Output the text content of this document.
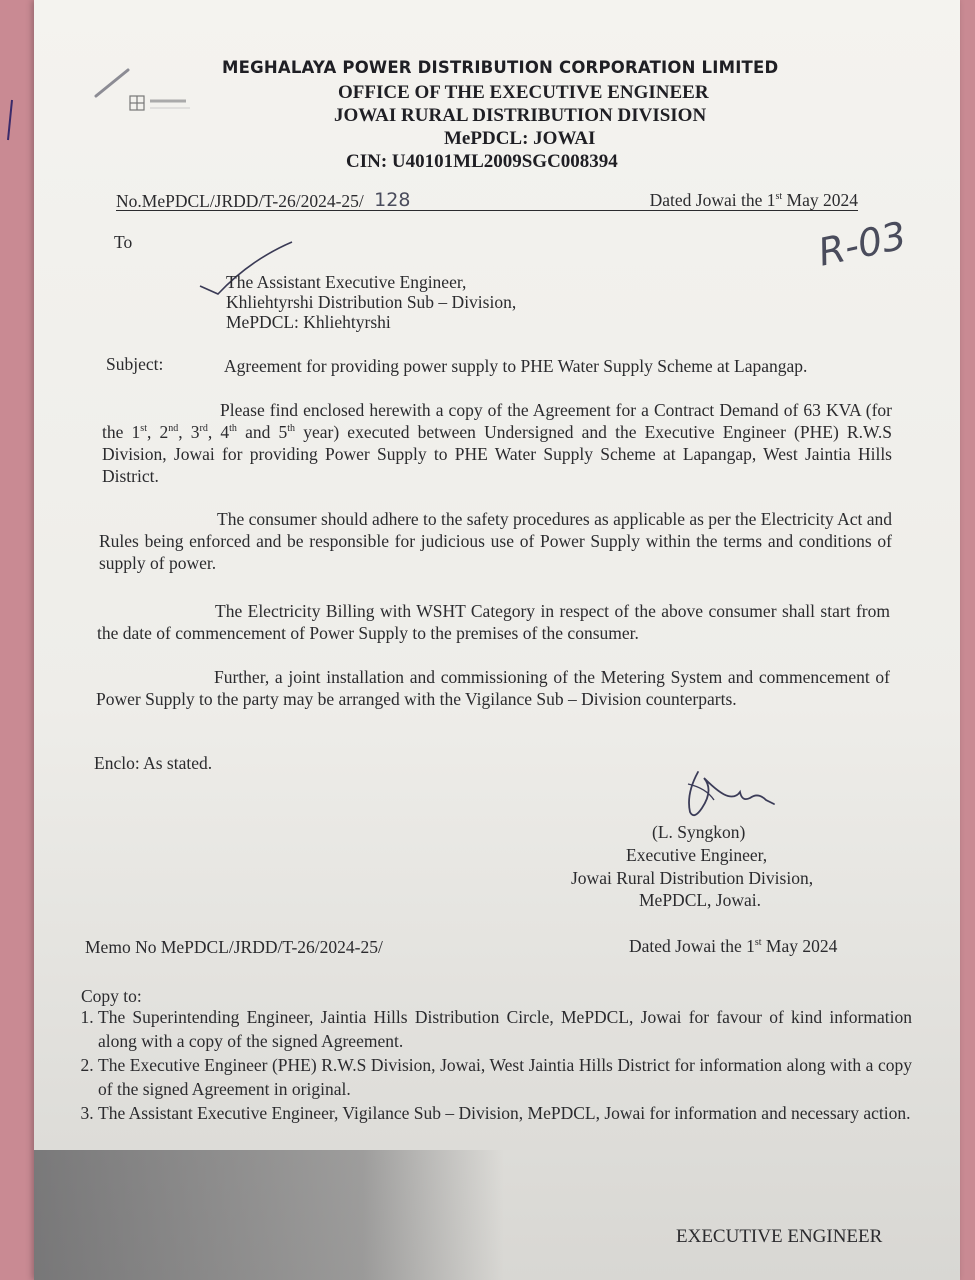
MEGHALAYA POWER DISTRIBUTION CORPORATION LIMITED
OFFICE OF THE EXECUTIVE ENGINEER
JOWAI RURAL DISTRIBUTION DIVISION
MePDCL: JOWAI
CIN: U40101ML2009SGC008394
No.MePDCL/JRDD/T-26/2024-25/ 128	Dated Jowai the 1st May 2024
R-03
To
The Assistant Executive Engineer,
Khliehtyrshi Distribution Sub – Division,
MePDCL: Khliehtyrshi
Subject:	Agreement for providing power supply to PHE Water Supply Scheme at Lapangap.
Please find enclosed herewith a copy of the Agreement for a Contract Demand of 63 KVA (for the 1st, 2nd, 3rd, 4th and 5th year) executed between Undersigned and the Executive Engineer (PHE) R.W.S Division, Jowai for providing Power Supply to PHE Water Supply Scheme at Lapangap, West Jaintia Hills District.
The consumer should adhere to the safety procedures as applicable as per the Electricity Act and Rules being enforced and be responsible for judicious use of Power Supply within the terms and conditions of supply of power.
The Electricity Billing with WSHT Category in respect of the above consumer shall start from the date of commencement of Power Supply to the premises of the consumer.
Further, a joint installation and commissioning of the Metering System and commencement of Power Supply to the party may be arranged with the Vigilance Sub – Division counterparts.
Enclo: As stated.
(L. Syngkon)
Executive Engineer,
Jowai Rural Distribution Division,
MePDCL, Jowai.
Memo No MePDCL/JRDD/T-26/2024-25/	Dated Jowai the 1st May 2024
Copy to:
1. The Superintending Engineer, Jaintia Hills Distribution Circle, MePDCL, Jowai for favour of kind information along with a copy of the signed Agreement.
2. The Executive Engineer (PHE) R.W.S Division, Jowai, West Jaintia Hills District for information along with a copy of the signed Agreement in original.
3. The Assistant Executive Engineer, Vigilance Sub – Division, MePDCL, Jowai for information and necessary action.
EXECUTIVE ENGINEER
